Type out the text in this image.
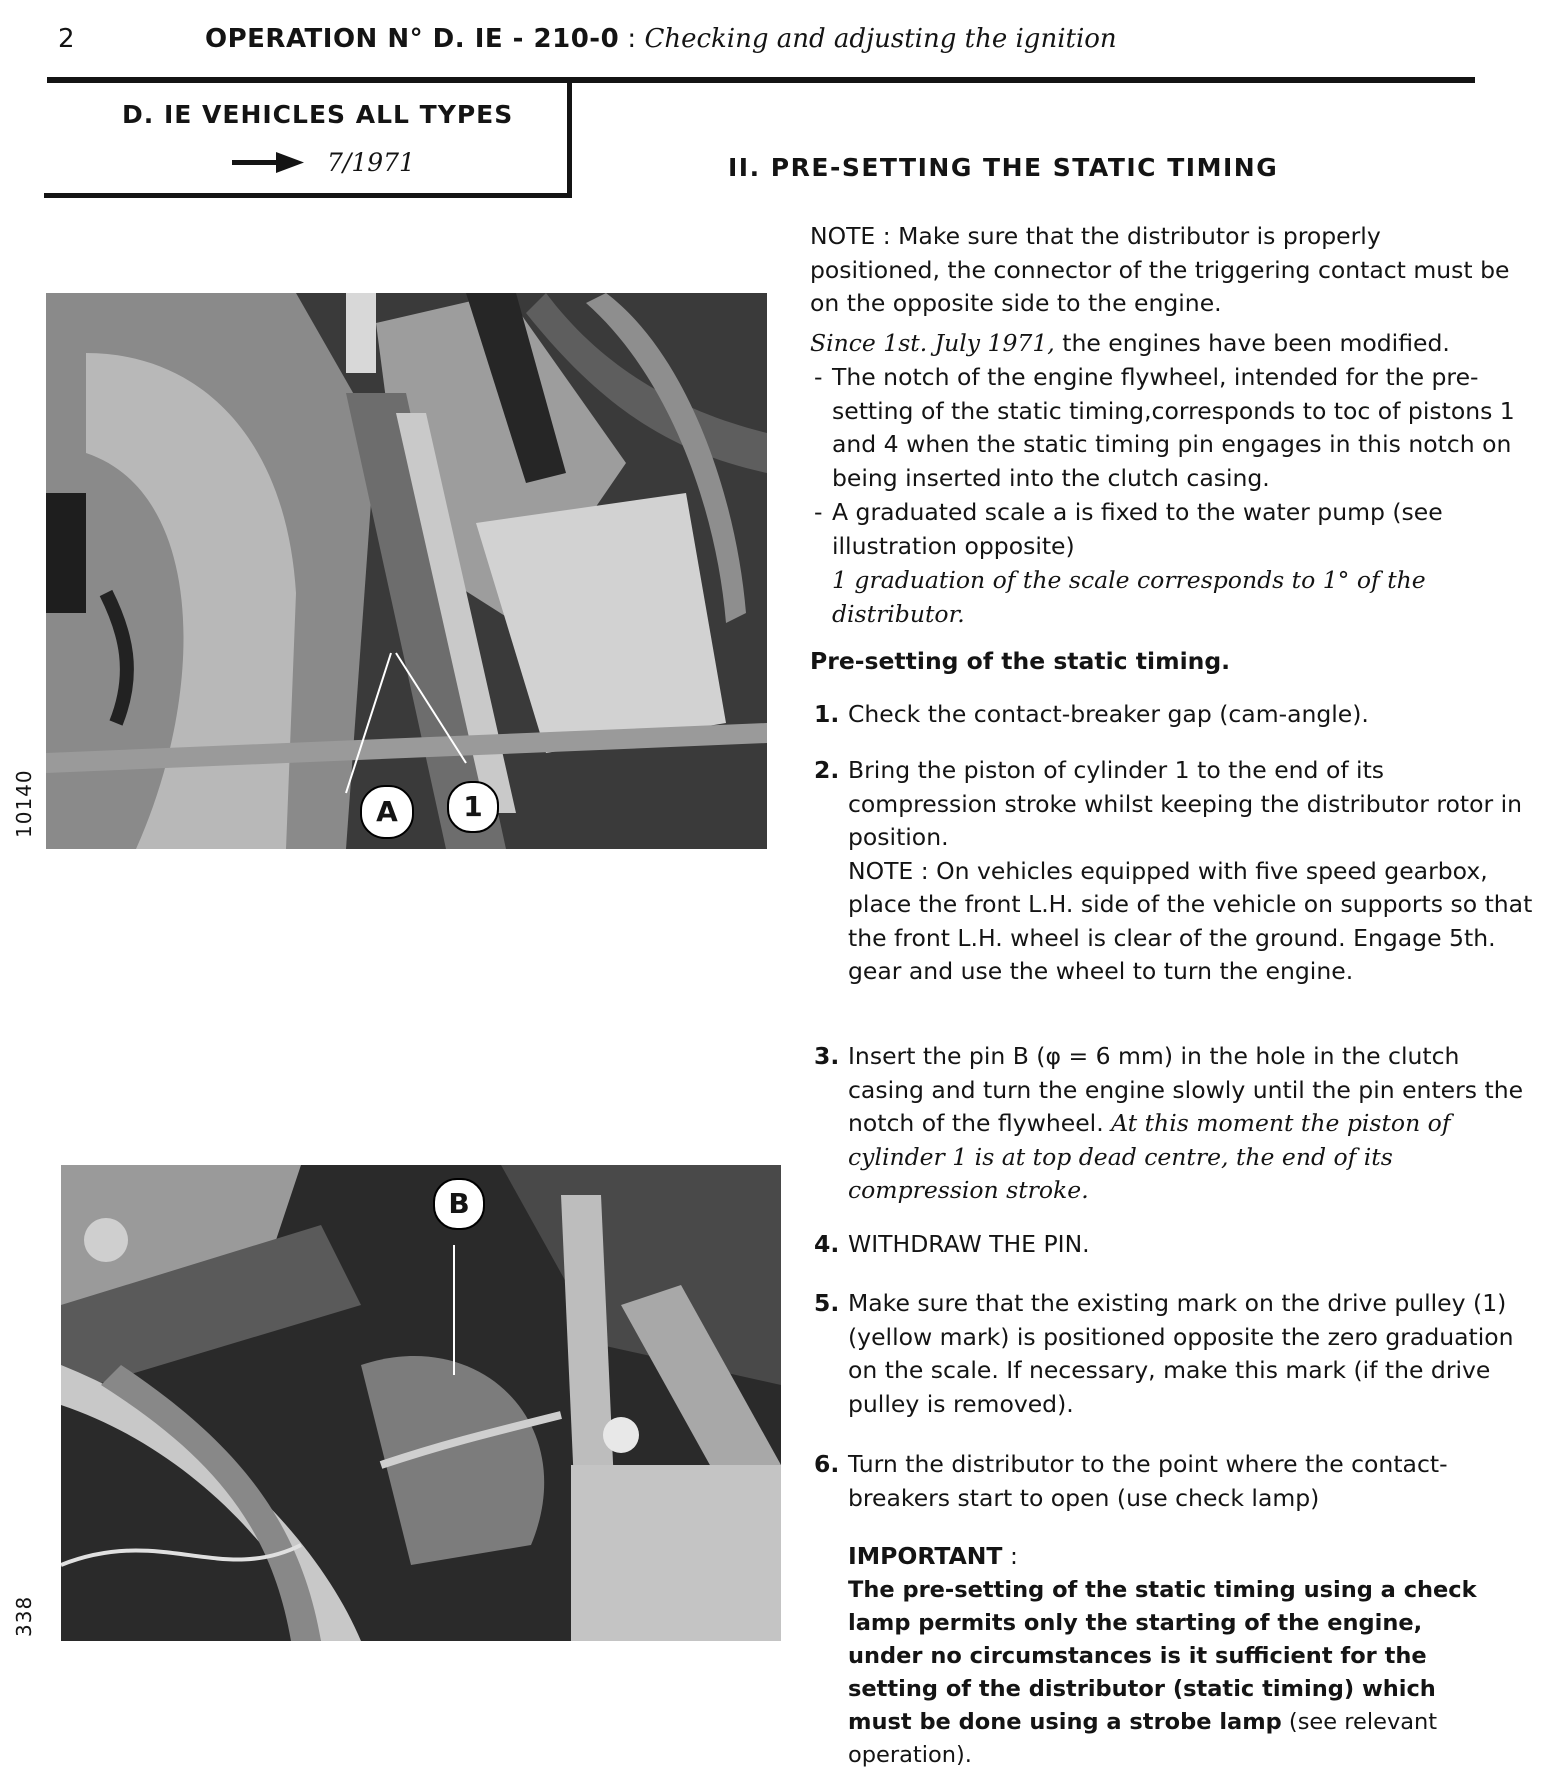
2	OPERATION N° D. IE - 210-0 : Checking and adjusting the ignition
D. IE VEHICLES ALL TYPES
7/1971	II. PRE-SETTING THE STATIC TIMING
A	1
10140
B
338
NOTE : Make sure that the distributor is properly positioned, the connector of the triggering contact must be on the opposite side to the engine.
Since 1st. July 1971, the engines have been modified.
- The notch of the engine flywheel, intended for the pre-setting of the static timing,corresponds to toc of pistons 1 and 4 when the static timing pin engages in this notch on being inserted into the clutch casing.
- A graduated scale a is fixed to the water pump (see illustration opposite)
1 graduation of the scale corresponds to 1° of the distributor.
Pre-setting of the static timing.
1. Check the contact-breaker gap (cam-angle).
2. Bring the piston of cylinder 1 to the end of its compression stroke whilst keeping the distributor rotor in position.
NOTE : On vehicles equipped with five speed gearbox, place the front L.H. side of the vehicle on supports so that the front L.H. wheel is clear of the ground. Engage 5th. gear and use the wheel to turn the engine.
3. Insert the pin B (φ = 6 mm) in the hole in the clutch casing and turn the engine slowly until the pin enters the notch of the flywheel. At this moment the piston of cylinder 1 is at top dead centre, the end of its compression stroke.
4. WITHDRAW THE PIN.
5. Make sure that the existing mark on the drive pulley (1) (yellow mark) is positioned opposite the zero graduation on the scale. If necessary, make this mark (if the drive pulley is removed).
6. Turn the distributor to the point where the contact-breakers start to open (use check lamp)
IMPORTANT :
The pre-setting of the static timing using a check lamp permits only the starting of the engine, under no circumstances is it sufficient for the setting of the distributor (static timing) which must be done using a strobe lamp (see relevant operation).
